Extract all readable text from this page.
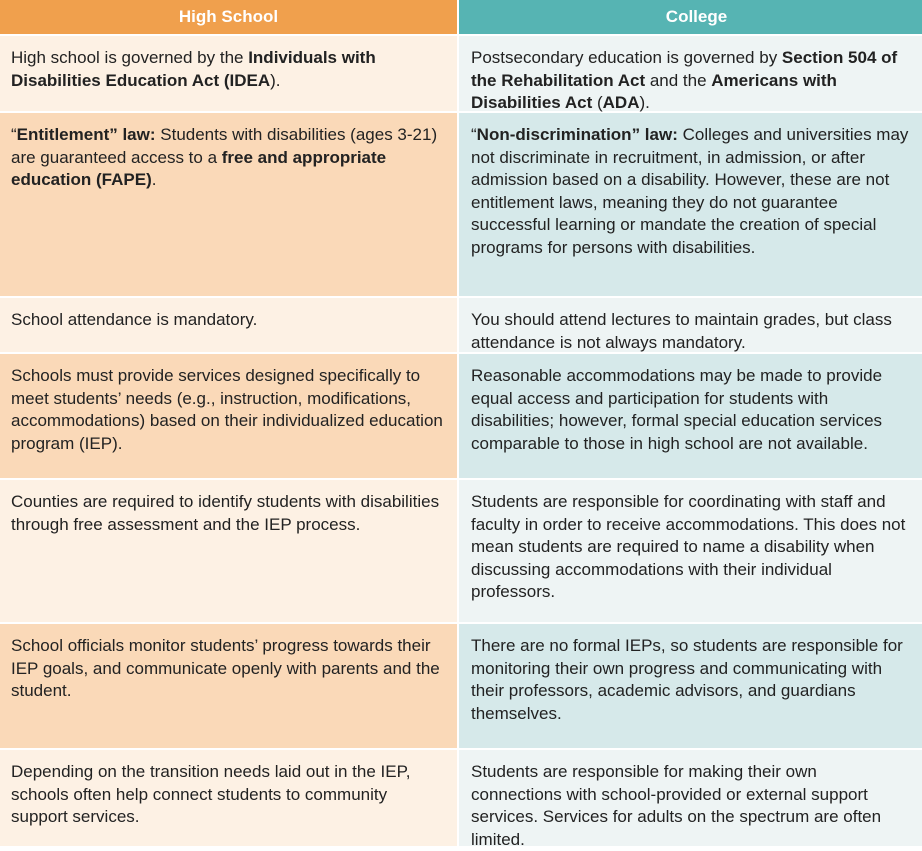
High School	College
High school is governed by the Individuals with Disabilities Education Act (IDEA).
Postsecondary education is governed by Section 504 of the Rehabilitation Act and the Americans with Disabilities Act (ADA).
“Entitlement” law: Students with disabilities (ages 3-21) are guaranteed access to a free and appropriate education (FAPE).
“Non-discrimination” law: Colleges and universities may not discriminate in recruitment, in admission, or after admission based on a disability. However, these are not entitlement laws, meaning they do not guarantee successful learning or mandate the creation of special programs for persons with disabilities.
School attendance is mandatory.	You should attend lectures to maintain grades, but class attendance is not always mandatory.
Schools must provide services designed specifically to meet students’ needs (e.g., instruction, modifications, accommodations) based on their individualized education program (IEP).
Reasonable accommodations may be made to provide equal access and participation for students with disabilities; however, formal special education services comparable to those in high school are not available.
Counties are required to identify students with disabilities through free assessment and the IEP process.
Students are responsible for coordinating with staff and faculty in order to receive accommodations. This does not mean students are required to name a disability when discussing accommodations with their individual professors.
School officials monitor students’ progress towards their IEP goals, and communicate openly with parents and the student.
There are no formal IEPs, so students are responsible for monitoring their own progress and communicating with their professors, academic advisors, and guardians themselves.
Depending on the transition needs laid out in the IEP, schools often help connect students to community support services.
Students are responsible for making their own connections with school-provided or external support services. Services for adults on the spectrum are often limited.
